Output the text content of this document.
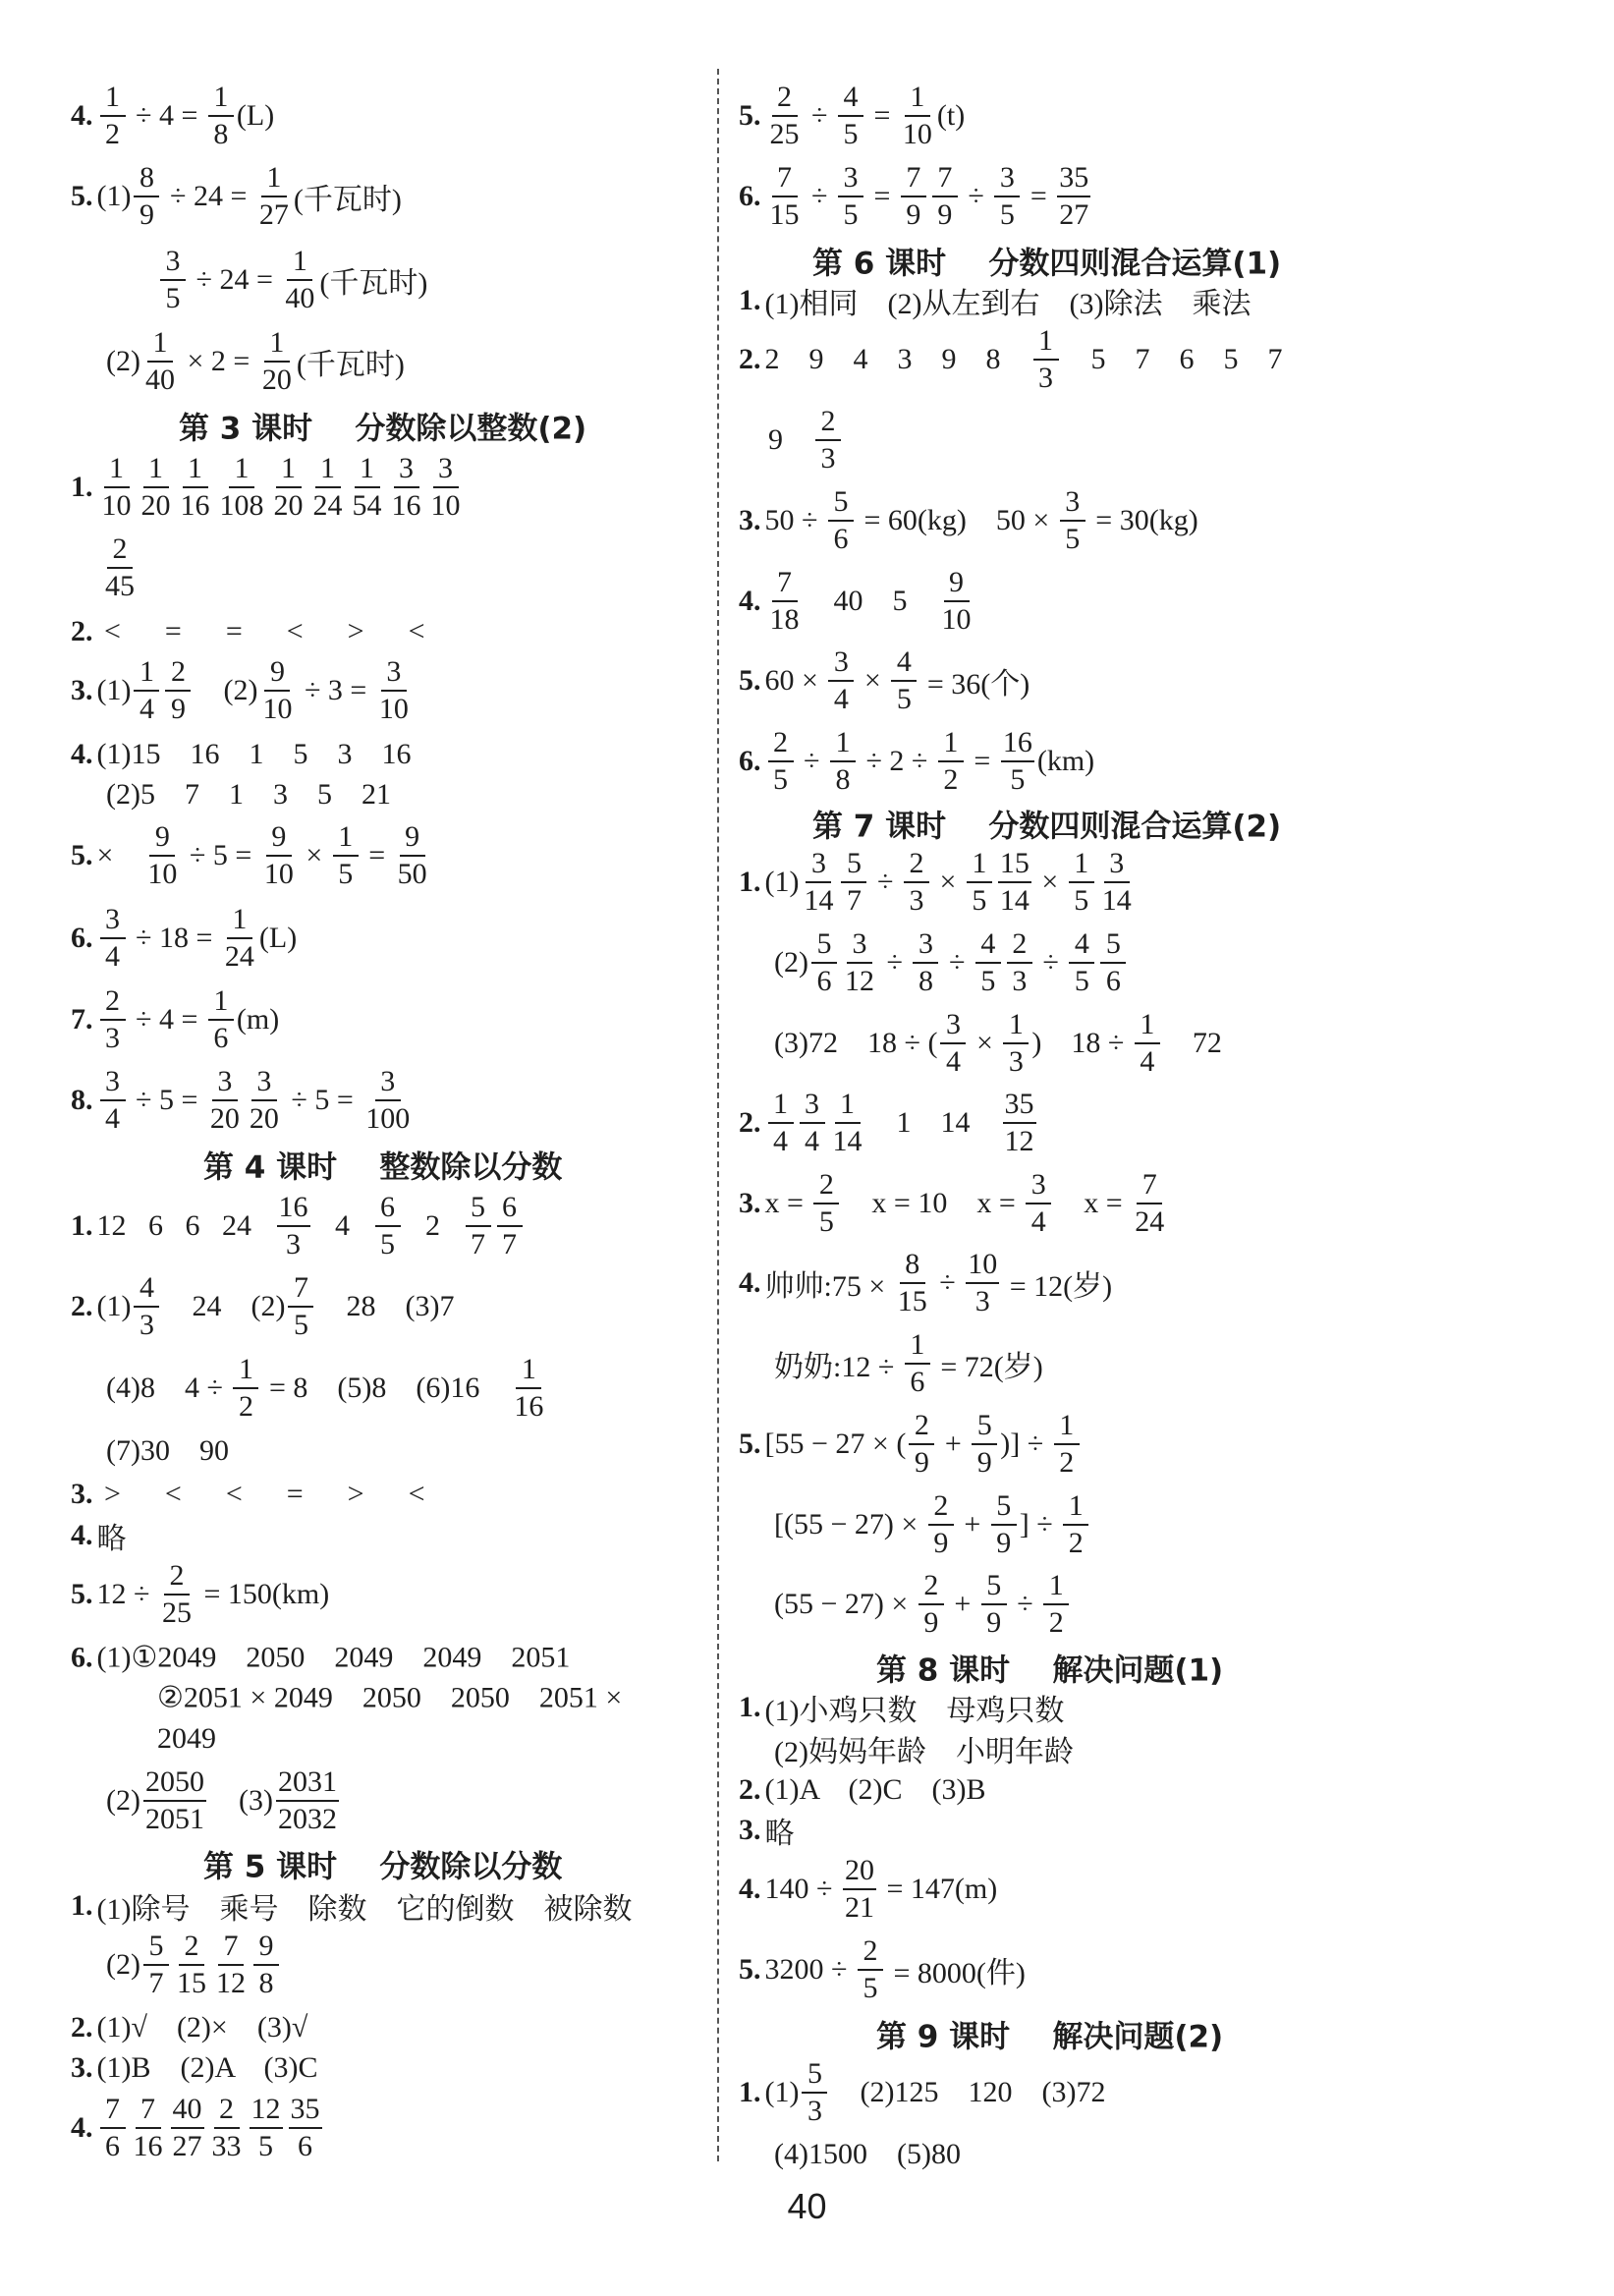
4. $\frac{1}{2} \div 4 = \frac{1}{8} (L)$
5. $(1) \frac{8}{9} \div 24 = \frac{1}{27}$ (千瓦时)
$\frac{3}{5} \div 24 = \frac{1}{40}$ (千瓦时)
$(2) \frac{1}{40} \times 2 = \frac{1}{20}$ (千瓦时)
第 3 课时    分数除以整数(2)
1. $\frac{1}{10} \frac{1}{20} \frac{1}{16} \frac{1}{108} \frac{1}{20} \frac{1}{24} \frac{1}{54} \frac{3}{16} \frac{3}{10}$
$\frac{2}{45}$
2. <      =      =      <      >      <
3. $(1) \frac{1}{4} \frac{2}{9} (2) \frac{9}{10} \div 3 = \frac{3}{10}$
4. (1)15    16    1    5    3    16
(2)5    7    1    3    5    21
5. × $\frac{9}{10} \div 5 = \frac{9}{10} \times \frac{1}{5} = \frac{9}{50}$
6. $\frac{3}{4} \div 18 = \frac{1}{24} (L)$
7. $\frac{2}{3} \div 4 = \frac{1}{6} (m)$
8. $\frac{3}{4} \div 5 = \frac{3}{20} \frac{3}{20} \div 5 = \frac{3}{100}$
第 4 课时    整数除以分数
1. 12   6   6   $24 \frac{16}{3} 4 \frac{6}{5} 2 \frac{5}{7} \frac{6}{7}$
2. $(1) \frac{4}{3} 24$    $(2) \frac{7}{5} 28$    (3)7
(4)8    $4 \div \frac{1}{2} = 8$    (5)8    $(6)16 \frac{1}{16}$
(7)30    90
3. >      <      <      =      >      <
4. 略
5. $12 \div \frac{2}{25} = 150(km)$
6. (1)①2049    2050    2049    2049    2051
②2051 × 2049    2050    2050    2051 ×
2049
$(2) \frac{2050}{2051} (3) \frac{2031}{2032}$
第 5 课时    分数除以分数
1. (1)除号    乘号    除数    它的倒数    被除数
$(2) \frac{5}{7} \frac{2}{15} \frac{7}{12} \frac{9}{8}$
2. (1)√    (2)×    (3)√
3. (1)B    (2)A    (3)C
4. $\frac{7}{6} \frac{7}{16} \frac{40}{27} \frac{2}{33} \frac{12}{5} \frac{35}{6}$
5. $\frac{2}{25} \div \frac{4}{5} = \frac{1}{10} (t)$
6. $\frac{7}{15} \div \frac{3}{5} = \frac{7}{9} \frac{7}{9} \div \frac{3}{5} = \frac{35}{27}$
第 6 课时    分数四则混合运算(1)
1. (1)相同    (2)从左到右    (3)除法    乘法
2. 2    9    4    3    9    $8 \frac{1}{3} 5$    7    6    5    7
$9 \frac{2}{3}$
3. $50 \div \frac{5}{6} = 60(kg)$    $50 \times \frac{3}{5} = 30(kg)$
4. $\frac{7}{18} 40$    $5 \frac{9}{10}$
5. $60 \times \frac{3}{4} \times \frac{4}{5} = 36$(个)
6. $\frac{2}{5} \div \frac{1}{8} \div 2 \div \frac{1}{2} = \frac{16}{5} (km)$
第 7 课时    分数四则混合运算(2)
1. $(1) \frac{3}{14} \frac{5}{7} \div \frac{2}{3} \times \frac{1}{5} \frac{15}{14} \times \frac{1}{5} \frac{3}{14}$
$(2) \frac{5}{6} \frac{3}{12} \div \frac{3}{8} \div \frac{4}{5} \frac{2}{3} \div \frac{4}{5} \frac{5}{6}$
(3)72    18 ÷ ( $\frac{3}{4} \times \frac{1}{3}$ )    $18 \div \frac{1}{4} 72$
2. $\frac{1}{4} \frac{3}{4} \frac{1}{14} 1$    $14 \frac{35}{12}$
3. $x = \frac{2}{5}$ x = 10    $x = \frac{3}{4}$ $x = \frac{7}{24}$
4. 帅帅:75 × $\frac{8}{15} \div \frac{10}{3} = 12$(岁)
奶奶:12 ÷ $\frac{1}{6} = 72$(岁)
5. [55 − 27 × ( $\frac{2}{9} + \frac{5}{9}$ )] ÷ $\frac{1}{2}$
[$(55 - 27) \times \frac{2}{9} + \frac{5}{9}$ ] ÷ $\frac{1}{2}$
$(55 - 27) \times \frac{2}{9} + \frac{5}{9} \div \frac{1}{2}$
第 8 课时    解决问题(1)
1. (1)小鸡只数    母鸡只数
(2)妈妈年龄    小明年龄
2. (1)A    (2)C    (3)B
3. 略
4. $140 \div \frac{20}{21} = 147(m)$
5. $3200 \div \frac{2}{5} = 8000$(件)
第 9 课时    解决问题(2)
1. $(1) \frac{5}{3} (2)125$    120    (3)72
(4)1500    (5)80
40
